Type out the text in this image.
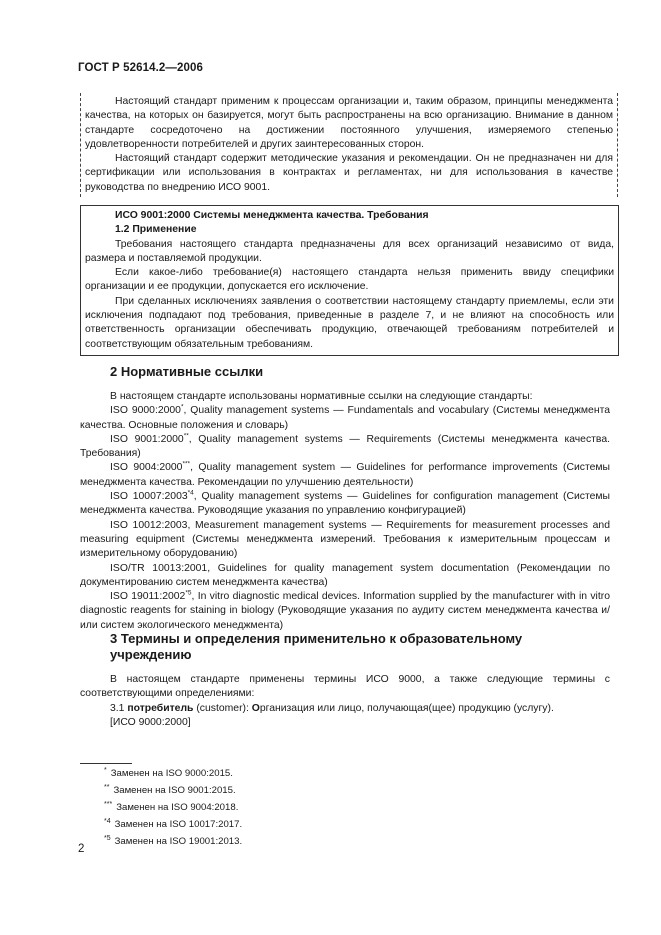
ГОСТ Р 52614.2—2006

Настоящий стандарт применим к процессам организации и, таким образом, принципы менеджмента качества, на которых он базируется, могут быть распространены на всю организацию. Внимание в данном стандарте сосредоточено на достижении постоянного улучшения, измеряемого степенью удовлетворенности потребителей и других заинтересованных сторон.

Настоящий стандарт содержит методические указания и рекомендации. Он не предназначен ни для сертификации или использования в контрактах и регламентах, ни для использования в качестве руководства по внедрению ИСО 9001.

ИСО 9001:2000 Системы менеджмента качества. Требования
1.2 Применение

Требования настоящего стандарта предназначены для всех организаций независимо от вида, размера и поставляемой продукции.

Если какое-либо требование(я) настоящего стандарта нельзя применить ввиду специфики организации и ее продукции, допускается его исключение.

При сделанных исключениях заявления о соответствии настоящему стандарту приемлемы, если эти исключения подпадают под требования, приведенные в разделе 7, и не влияют на способность или ответственность организации обеспечивать продукцию, отвечающей требованиям потребителей и соответствующим обязательным требованиям.

2 Нормативные ссылки

В настоящем стандарте использованы нормативные ссылки на следующие стандарты:

ISO 9000:2000*, Quality management systems — Fundamentals and vocabulary (Системы менеджмента качества. Основные положения и словарь)

ISO 9001:2000**, Quality management systems — Requirements (Системы менеджмента качества. Требования)

ISO 9004:2000***, Quality management system — Guidelines for performance improvements (Системы менеджмента качества. Рекомендации по улучшению деятельности)

ISO 10007:2003$^{*4}$, Quality management systems — Guidelines for configuration management (Системы менеджмента качества. Руководящие указания по управлению конфигурацией)

ISO 10012:2003, Measurement management systems — Requirements for measurement processes and measuring equipment (Системы менеджмента измерений. Требования к измерительным процессам и измерительному оборудованию)

ISO/TR 10013:2001, Guidelines for quality management system documentation (Рекомендации по документированию систем менеджмента качества)

ISO 19011:2002$^{*5}$, In vitro diagnostic medical devices. Information supplied by the manufacturer with in vitro diagnostic reagents for staining in biology (Руководящие указания по аудиту систем менеджмента качества и/или систем экологического менеджмента)

3 Термины и определения применительно к образовательному учреждению

В настоящем стандарте применены термины ИСО 9000, а также следующие термины с соответствующими определениями:

3.1 потребитель (customer): Организация или лицо, получающая(щее) продукцию (услугу).

[ИСО 9000:2000]

* Заменен на ISO 9000:2015.
** Заменен на ISO 9001:2015.
*** Заменен на ISO 9004:2018.
$^{*4}$ Заменен на ISO 10017:2017.
$^{*5}$ Заменен на ISO 19001:2013.
2
